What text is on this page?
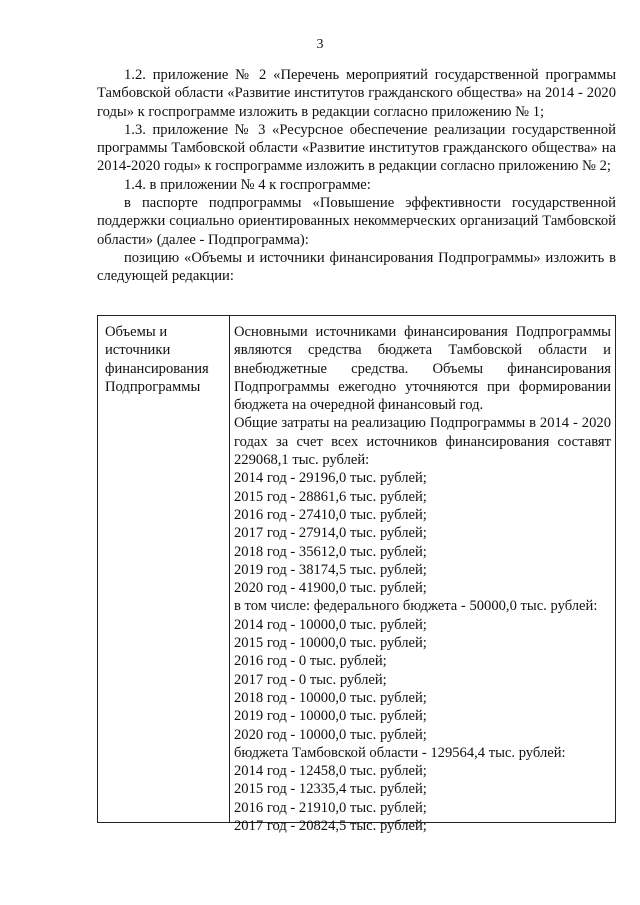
3

1.2. приложение № 2 «Перечень мероприятий государственной программы Тамбовской области «Развитие институтов гражданского общества» на 2014 - 2020 годы» к госпрограмме изложить в редакции согласно приложению № 1;

1.3. приложение № 3 «Ресурсное обеспечение реализации государственной программы Тамбовской области «Развитие институтов гражданского общества» на 2014-2020 годы» к госпрограмме изложить в редакции согласно приложению № 2;

1.4. в приложении № 4 к госпрограмме:

в паспорте подпрограммы «Повышение эффективности государственной поддержки социально ориентированных некоммерческих организаций Тамбовской области» (далее - Подпрограмма):

позицию «Объемы и источники финансирования Подпрограммы» изложить в следующей редакции:

Объемы и источники финансирования Подпрограммы

Основными источниками финансирования Подпрограммы являются средства бюджета Тамбовской области и внебюджетные средства. Объемы финансирования Подпрограммы ежегодно уточняются при формировании бюджета на очередной финансовый год.

Общие затраты на реализацию Подпрограммы в 2014 - 2020 годах за счет всех источников финансирования составят 229068,1 тыс. рублей:

2014 год - 29196,0 тыс. рублей;
2015 год - 28861,6 тыс. рублей;
2016 год - 27410,0 тыс. рублей;
2017 год - 27914,0 тыс. рублей;
2018 год - 35612,0 тыс. рублей;
2019 год - 38174,5 тыс. рублей;
2020 год - 41900,0 тыс. рублей;
в том числе: федерального бюджета - 50000,0 тыс. рублей:
2014 год - 10000,0 тыс. рублей;
2015 год - 10000,0 тыс. рублей;
2016 год - 0 тыс. рублей;
2017 год - 0 тыс. рублей;
2018 год - 10000,0 тыс. рублей;
2019 год - 10000,0 тыс. рублей;
2020 год - 10000,0 тыс. рублей;
бюджета Тамбовской области - 129564,4 тыс. рублей:
2014 год - 12458,0 тыс. рублей;
2015 год - 12335,4 тыс. рублей;
2016 год - 21910,0 тыс. рублей;
2017 год - 20824,5 тыс. рублей;
